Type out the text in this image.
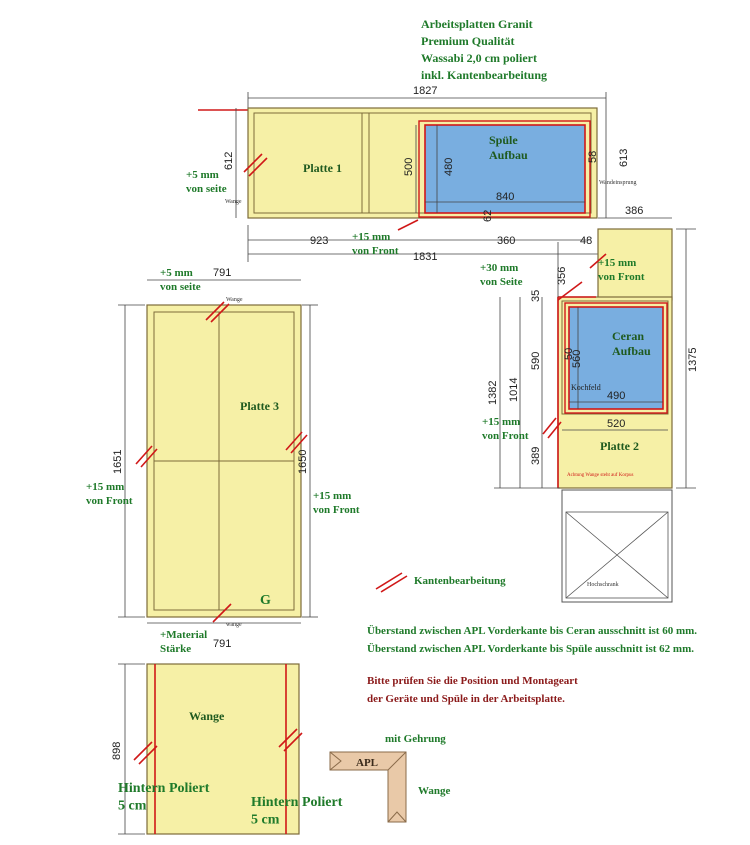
Arbeitsplatten Granit
Premium Qualität
Wassabi 2,0 cm poliert
inkl. Kantenbearbeitung
1827
Platte 1
612
+5 mm von seite
Wange
Spüle Aufbau
840
480
500
58
62
613
Wandeinsprung
923	360	48
1831
+15 mm von Front
386
+15 mm von Front
1375
Ceran Aufbau
490
560
50
Kochfeld
520
Platte 2
Achtung Wange steht auf Korpus
1382 1014
590
389
356
35
+30 mm von Seite
+15 mm von Front
Hochschrank
+5 mm von seite
791
Platte 3
G
Wange
wange
1651
+15 mm von Front
1650
+15 mm von Front
791
+Material Stärke
Wange
898
Hintern Poliert 5 cm	Hintern Poliert 5 cm
Kantenbearbeitung
Überstand zwischen APL Vorderkante bis Ceran ausschnitt ist 60 mm.
Überstand zwischen APL Vorderkante bis Spüle ausschnitt ist 62 mm.
Bitte prüfen Sie die Position und Montageart
der Geräte und Spüle in der Arbeitsplatte.
mit Gehrung
APL
Wange
